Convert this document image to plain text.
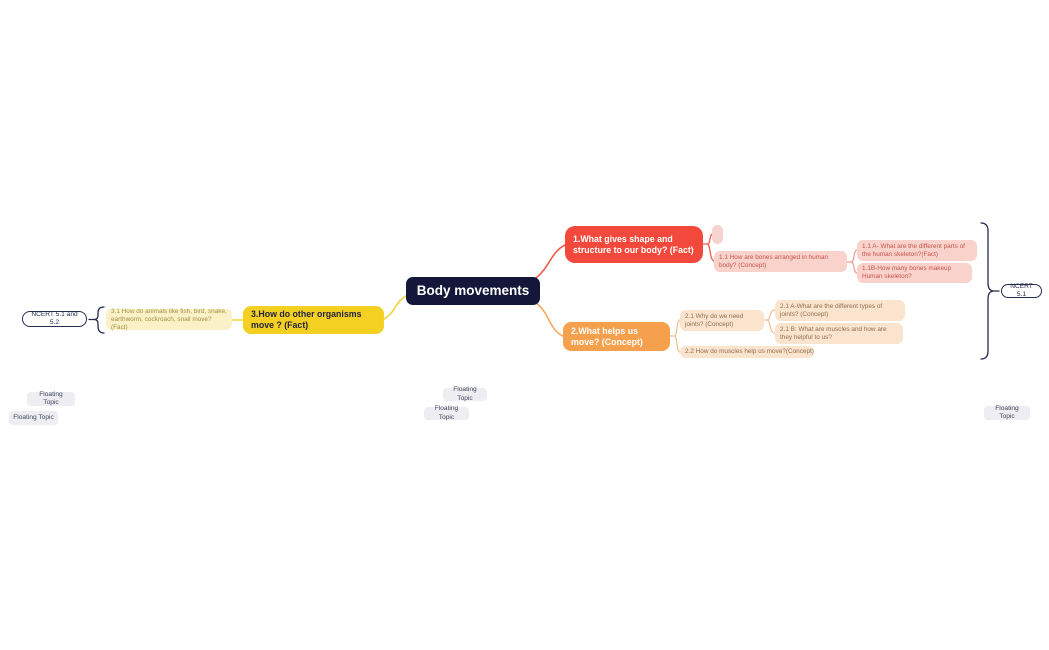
Body movements
1.What gives shape and structure to our body? (Fact)
1.1 How are bones arranged in human body? (Concept)
1.1 A- What are the different parts of the human skeleton?(Fact)
1.1B-How many bones makeup Human skeleton?
2.What helps us move? (Concept)
2.1 Why do we need joints? (Concept)
2.1 A-What are the different types of joints? (Concept)
2.1 B: What are muscles and how are they helpful to us?
2.2 How do muscles help us move?(Concept)
3.How do other organisms move ? (Fact)
3.1 How do animals like fish, bird, snake, earthworm, cockroach, snail move?(Fact)
NCERT 5.1 and 5.2
NCERT 5.1
Floating Topic
Floating Topic
Floating Topic
Floating Topic
Floating Topic
